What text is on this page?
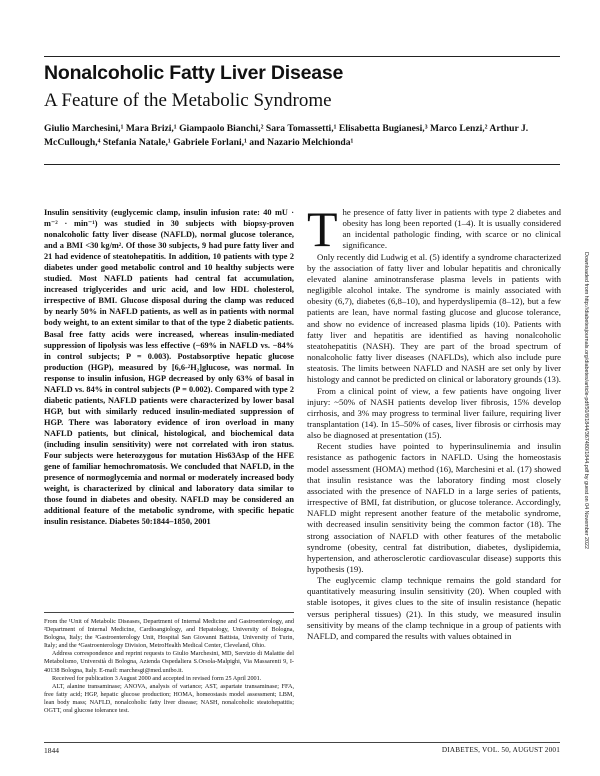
Nonalcoholic Fatty Liver Disease
A Feature of the Metabolic Syndrome
Giulio Marchesini,¹ Mara Brizi,¹ Giampaolo Bianchi,² Sara Tomassetti,¹ Elisabetta Bugianesi,³ Marco Lenzi,² Arthur J. McCullough,⁴ Stefania Natale,¹ Gabriele Forlani,¹ and Nazario Melchionda¹

Insulin sensitivity (euglycemic clamp, insulin infusion rate: 40 mU · m⁻² · min⁻¹) was studied in 30 subjects with biopsy-proven nonalcoholic fatty liver disease (NAFLD), normal glucose tolerance, and a BMI <30 kg/m². Of those 30 subjects, 9 had pure fatty liver and 21 had evidence of steatohepatitis. In addition, 10 patients with type 2 diabetes under good metabolic control and 10 healthy subjects were studied. Most NAFLD patients had central fat accumulation, increased triglycerides and uric acid, and low HDL cholesterol, irrespective of BMI. Glucose disposal during the clamp was reduced by nearly 50% in NAFLD patients, as well as in patients with normal body weight, to an extent similar to that of the type 2 diabetic patients. Basal free fatty acids were increased, whereas insulin-mediated suppression of lipolysis was less effective (−69% in NAFLD vs. −84% in control subjects; P = 0.003). Postabsorptive hepatic glucose production (HGP), measured by [6,6-²H₂]glucose, was normal. In response to insulin infusion, HGP decreased by only 63% of basal in NAFLD vs. 84% in control subjects (P = 0.002). Compared with type 2 diabetic patients, NAFLD patients were characterized by lower basal HGP, but with similarly reduced insulin-mediated suppression of HGP. There was laboratory evidence of iron overload in many NAFLD patients, but clinical, histological, and biochemical data (including insulin sensitivity) were not correlated with iron status. Four subjects were heterozygous for mutation His63Asp of the HFE gene of familiar hemochromatosis. We concluded that NAFLD, in the presence of normoglycemia and normal or moderately increased body weight, is characterized by clinical and laboratory data similar to those found in diabetes and obesity. NAFLD may be considered an additional feature of the metabolic syndrome, with specific hepatic insulin resistance. Diabetes 50:1844–1850, 2001

From the ¹Unit of Metabolic Diseases, Department of Internal Medicine and Gastroenterology, and ²Department of Internal Medicine, Cardioangiology, and Hepatology, University of Bologna, Bologna, Italy; the ³Gastroenterology Unit, Hospital San Giovanni Battista, University of Turin, Italy; and the ⁴Gastroenterology Division, MetroHealth Medical Center, Cleveland, Ohio.

Address correspondence and reprint requests to Giulio Marchesini, MD, Servizio di Malattie del Metabolismo, Università di Bologna, Azienda Ospedaliera S.Orsola-Malpighi, Via Massarenti 9, I-40138 Bologna, Italy. E-mail: marchesgi@med.unibo.it.

Received for publication 3 August 2000 and accepted in revised form 25 April 2001.

ALT, alanine transaminase; ANOVA, analysis of variance; AST, aspartate transaminase; FFA, free fatty acid; HGP, hepatic glucose production; HOMA, homeostasis model assessment; LBM, lean body mass; NAFLD, nonalcoholic fatty liver disease; NASH, nonalcoholic steatohepatitis; OGTT, oral glucose tolerance test.

The presence of fatty liver in patients with type 2 diabetes and obesity has long been reported (1–4). It is usually considered an incidental pathologic finding, with scarce or no clinical significance.

Only recently did Ludwig et al. (5) identify a syndrome characterized by the association of fatty liver and lobular hepatitis and chronically elevated alanine aminotransferase plasma levels in patients with negligible alcohol intake. The syndrome is mainly associated with obesity (6,7), diabetes (6,8–10), and hyperdyslipemia (8–12), but a few patients are lean, have normal fasting glucose and glucose tolerance, and show no evidence of increased plasma lipids (10). Patients with fatty liver and hepatitis are identified as having nonalcoholic steatohepatitis (NASH). They are part of the broad spectrum of nonalcoholic fatty liver diseases (NAFLDs), which also include pure steatosis. The limits between NAFLD and NASH are set only by liver histology and cannot be predicted on clinical or laboratory grounds (13).

From a clinical point of view, a few patients have ongoing liver injury: ~50% of NASH patients develop liver fibrosis, 15% develop cirrhosis, and 3% may progress to terminal liver failure, requiring liver transplantation (14). In 15–50% of cases, liver fibrosis or cirrhosis may also be diagnosed at presentation (15).

Recent studies have pointed to hyperinsulinemia and insulin resistance as pathogenic factors in NAFLD. Using the homeostasis model assessment (HOMA) method (16), Marchesini et al. (17) showed that insulin resistance was the laboratory finding most closely associated with the presence of NAFLD in a large series of patients, irrespective of BMI, fat distribution, or glucose tolerance. Accordingly, NAFLD might represent another feature of the metabolic syndrome, with decreased insulin sensitivity being the common factor (18). The strong association of NAFLD with other features of the metabolic syndrome (obesity, central fat distribution, diabetes, dyslipidemia, hypertension, and atherosclerotic cardiovascular disease) supports this hypothesis (19).

The euglycemic clamp technique remains the gold standard for quantitatively measuring insulin sensitivity (20). When coupled with stable isotopes, it gives clues to the site of insulin resistance (hepatic versus peripheral tissues) (21). In this study, we measured insulin sensitivity by means of the clamp technique in a group of patients with NAFLD, and compared the results with values obtained in

Downloaded from http://diabetesjournals.org/diabetes/article-pdf/50/8/1844/367480/1844.pdf by guest on 04 November 2022
1844	DIABETES, VOL. 50, AUGUST 2001
